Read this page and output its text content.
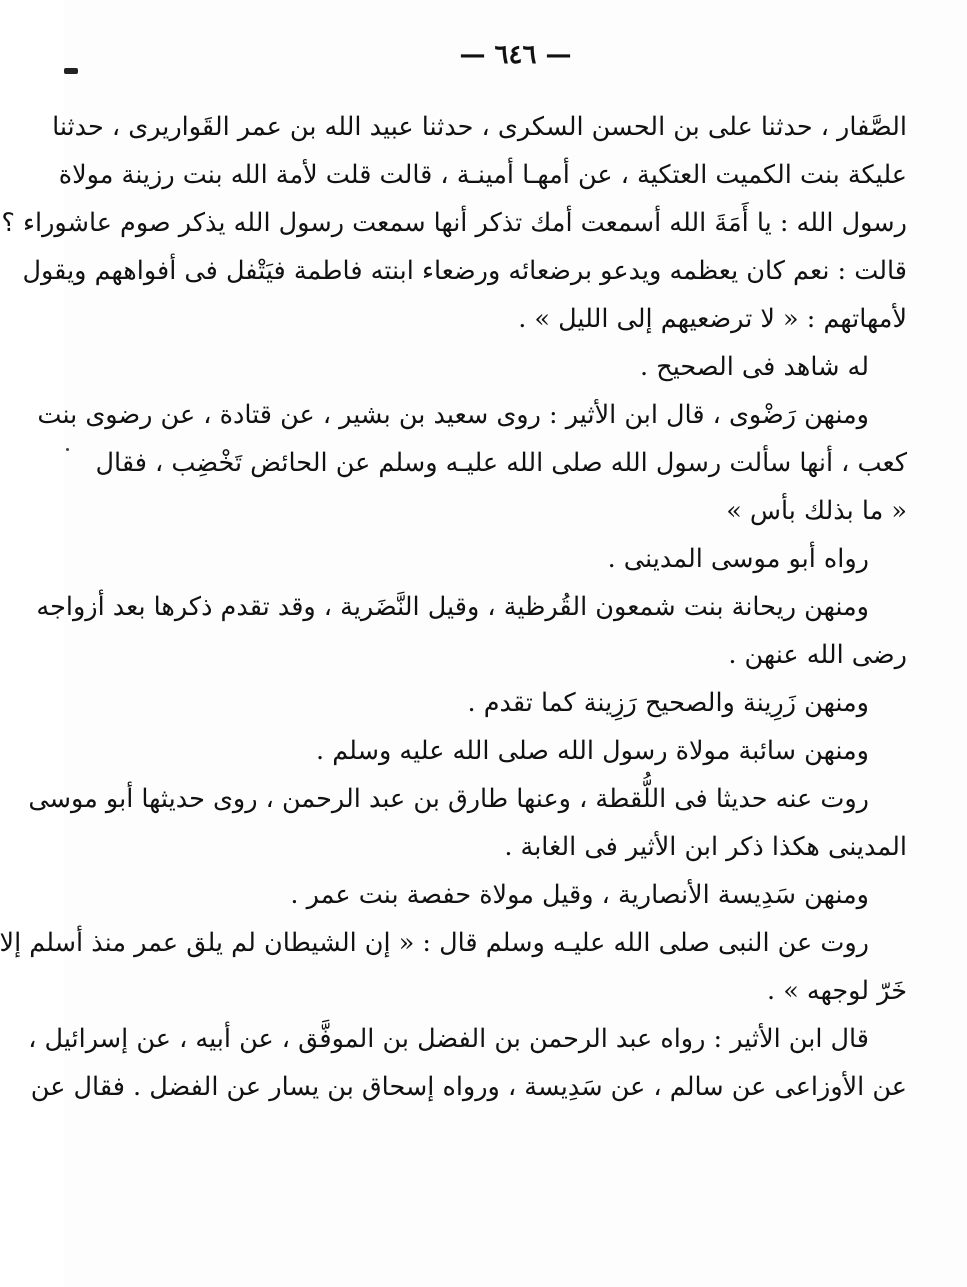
— ٦٤٦ —
الصَّفار ، حدثنا على بن الحسن السكرى ، حدثنا عبيد الله بن عمر القَواريرى ، حدثنا
عليكة بنت الكميت العتكية ، عن أمهـا أمينـة ، قالت قلت لأمة الله بنت رزينة مولاة
رسول الله : يا أَمَةَ الله أسمعت أمك تذكر أنها سمعت رسول الله يذكر صوم عاشوراء ؟
قالت : نعم كان يعظمه ويدعو برضعائه ورضعاء ابنته فاطمة فيَتْفل فى أفواههم ويقول
لأمهاتهم : « لا ترضعيهم إلى الليل » .
له شاهد فى الصحيح .
ومنهن رَضْوى ، قال ابن الأثير : روى سعيد بن بشير ، عن قتادة ، عن رضوى بنت
كعب ، أنها سألت رسول الله صلى الله عليـه وسلم عن الحائض تَخْضِب ، فقال
« ما بذلك بأس »
رواه أبو موسى المدينى .
ومنهن ريحانة بنت شمعون القُرظية ، وقيل النَّضَرية ، وقد تقدم ذكرها بعد أزواجه
رضى الله عنهن .
ومنهن زَرِينة والصحيح رَزِينة كما تقدم .
ومنهن سائبة مولاة رسول الله صلى الله عليه وسلم .
روت عنه حديثا فى اللُّقطة ، وعنها طارق بن عبد الرحمن ، روى حديثها أبو موسى
المدينى هكذا ذكر ابن الأثير فى الغابة .
ومنهن سَدِيسة الأنصارية ، وقيل مولاة حفصة بنت عمر .
روت عن النبى صلى الله عليـه وسلم قال : « إن الشيطان لم يلق عمر منذ أسلم إلا
خَرّ لوجهه » .
قال ابن الأثير : رواه عبد الرحمن بن الفضل بن الموفَّق ، عن أبيه ، عن إسرائيل ،
عن الأوزاعى عن سالم ، عن سَدِيسة ، ورواه إسحاق بن يسار عن الفضل . فقال عن
